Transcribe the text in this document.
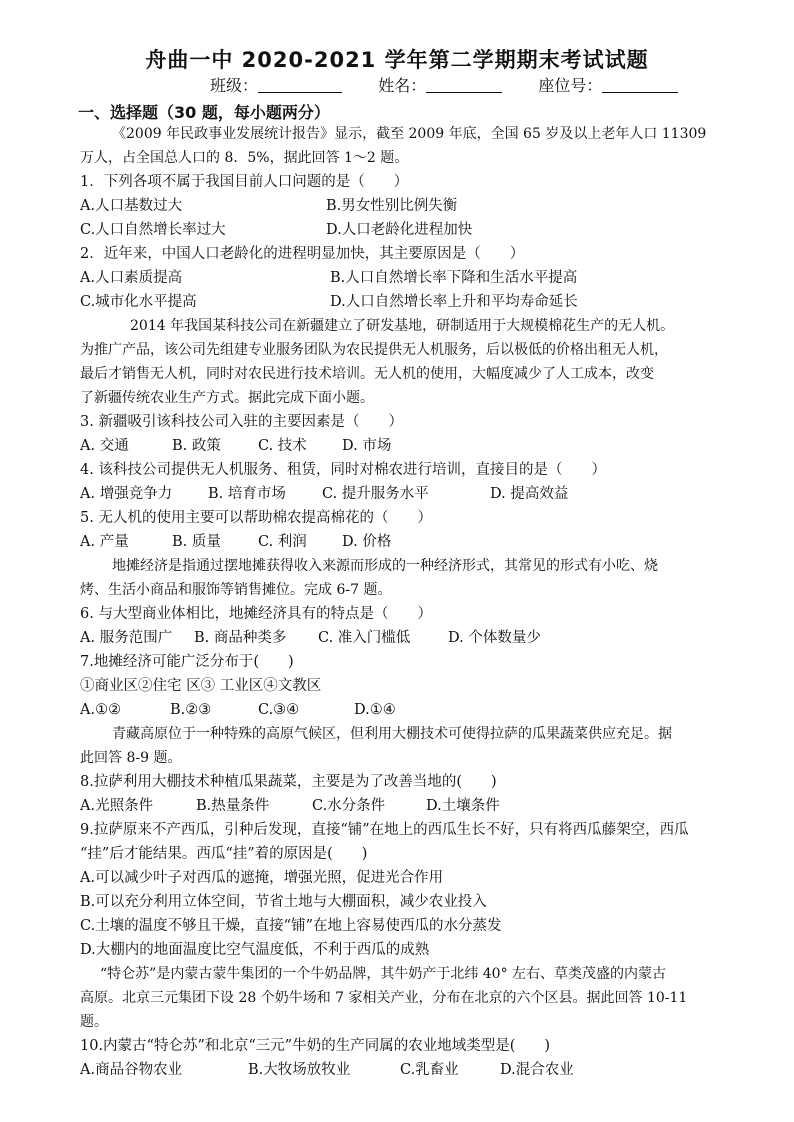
舟曲一中 2020-2021 学年第二学期期末考试试题
班级：	姓名：	座位号：
一、选择题（30 题，每小题两分）
《2009 年民政事业发展统计报告》显示，截至 2009 年底，全国 65 岁及以上老年人口 11309
万人，占全国总人口的 8．5%，据此回答 1～2 题。
1．下列各项不属于我国目前人口问题的是（　　）
A.人口基数过大	B.男女性别比例失衡
C.人口自然增长率过大	D.人口老龄化进程加快
2．近年来，中国人口老龄化的进程明显加快，其主要原因是（　　）
A.人口素质提高	B.人口自然增长率下降和生活水平提高
C.城市化水平提高	D.人口自然增长率上升和平均寿命延长
2014 年我国某科技公司在新疆建立了研发基地，研制适用于大规模棉花生产的无人机。
为推广产品，该公司先组建专业服务团队为农民提供无人机服务，后以极低的价格出租无人机，
最后才销售无人机，同时对农民进行技术培训。无人机的使用，大幅度减少了人工成本，改变
了新疆传统农业生产方式。据此完成下面小题。
3. 新疆吸引该科技公司入驻的主要因素是（　　）
A. 交通	B. 政策	C. 技术 D. 市场
4. 该科技公司提供无人机服务、租赁，同时对棉农进行培训，直接目的是（　　）
A. 增强竞争力 B. 培育市场 C. 提升服务水平	D. 提高效益
5. 无人机的使用主要可以帮助棉农提高棉花的（　　）
A. 产量	B. 质量	C. 利润 D. 价格
地摊经济是指通过摆地摊获得收入来源而形成的一种经济形式，其常见的形式有小吃、烧
烤、生活小商品和服饰等销售摊位。完成 6-7 题。
6. 与大型商业体相比，地摊经济具有的特点是（　　）
A. 服务范围广 B. 商品种类多 C. 准入门槛低	D. 个体数量少
7.地摊经济可能广泛分布于(　　)
①商业区②住宅 区③ 工业区④文教区
A.①②	B.②③	C.③④	D.①④
青藏高原位于一种特殊的高原气候区，但利用大棚技术可使得拉萨的瓜果蔬菜供应充足。据
此回答 8-9 题。
8.拉萨利用大棚技术种植瓜果蔬菜，主要是为了改善当地的(　　)
A.光照条件	B.热量条件	C.水分条件	D.土壤条件
9.拉萨原来不产西瓜，引种后发现，直接“铺”在地上的西瓜生长不好，只有将西瓜藤架空，西瓜
“挂”后才能结果。西瓜“挂”着的原因是(　　)
A.可以减少叶子对西瓜的遮掩，增强光照，促进光合作用
B.可以充分利用立体空间，节省土地与大棚面积，减少农业投入
C.土壤的温度不够且干燥，直接“铺”在地上容易使西瓜的水分蒸发
D.大棚内的地面温度比空气温度低，不利于西瓜的成熟
“特仑苏”是内蒙古蒙牛集团的一个牛奶品牌，其牛奶产于北纬 40° 左右、草类茂盛的内蒙古
高原。北京三元集团下设 28 个奶牛场和 7 家相关产业，分布在北京的六个区县。据此回答 10-11
题。
10.内蒙古“特仑苏”和北京“三元”牛奶的生产同属的农业地域类型是(　　)
A.商品谷物农业	B.大牧场放牧业	C.乳畜业	D.混合农业
